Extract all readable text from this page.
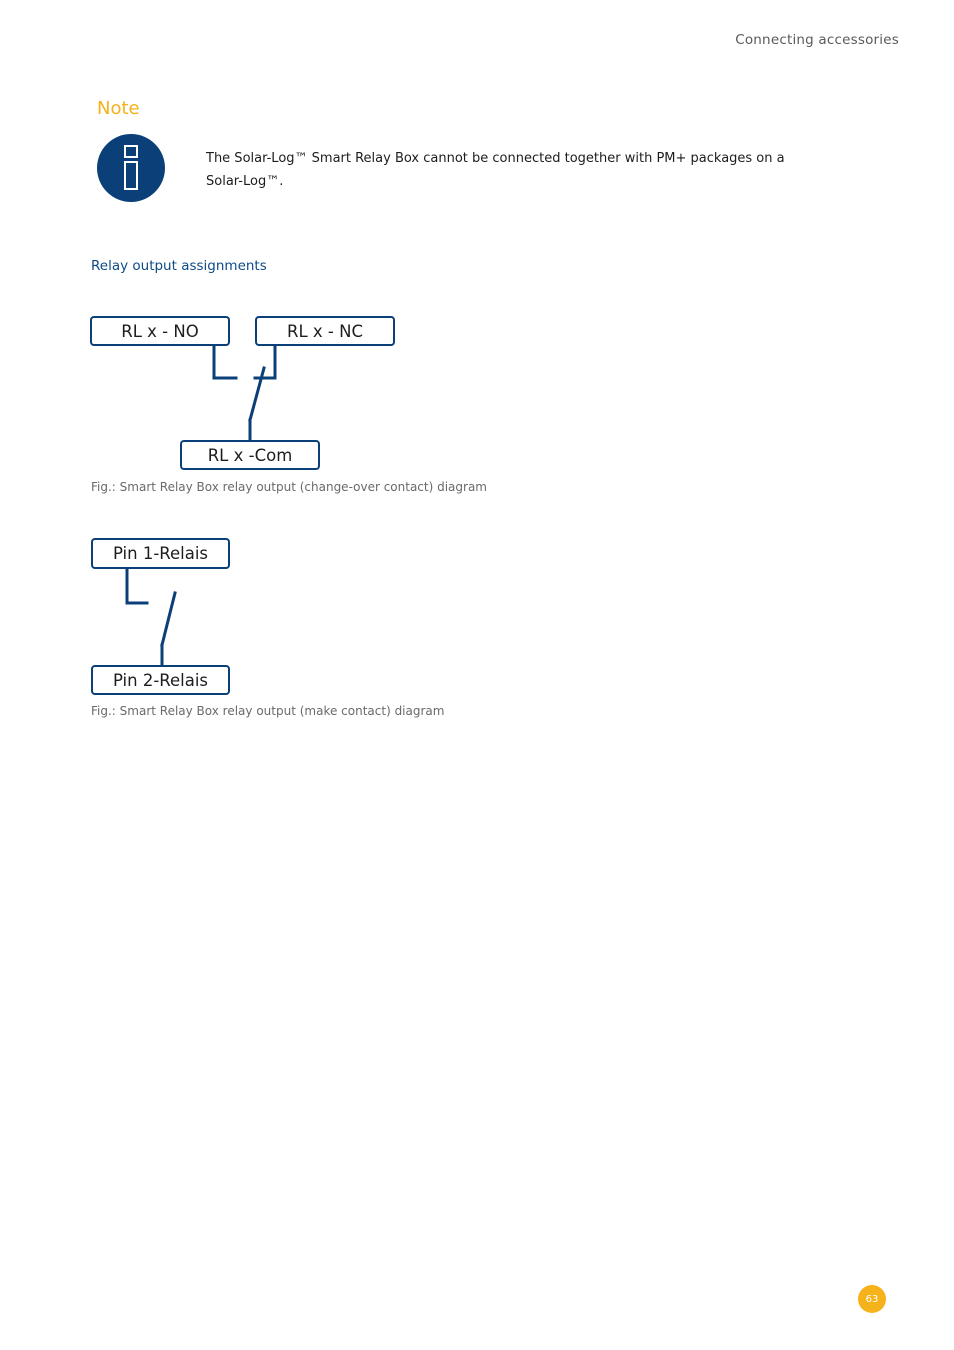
Connecting accessories
Note
The Solar-Log™ Smart Relay Box cannot be connected together with PM+ packages on a
Solar-Log™.
Relay output assignments
RL x - NO	RL x - NC
RL x -Com
Fig.: Smart Relay Box relay output (change-over contact) diagram
Pin 1-Relais
Pin 2-Relais
Fig.: Smart Relay Box relay output (make contact) diagram
63
